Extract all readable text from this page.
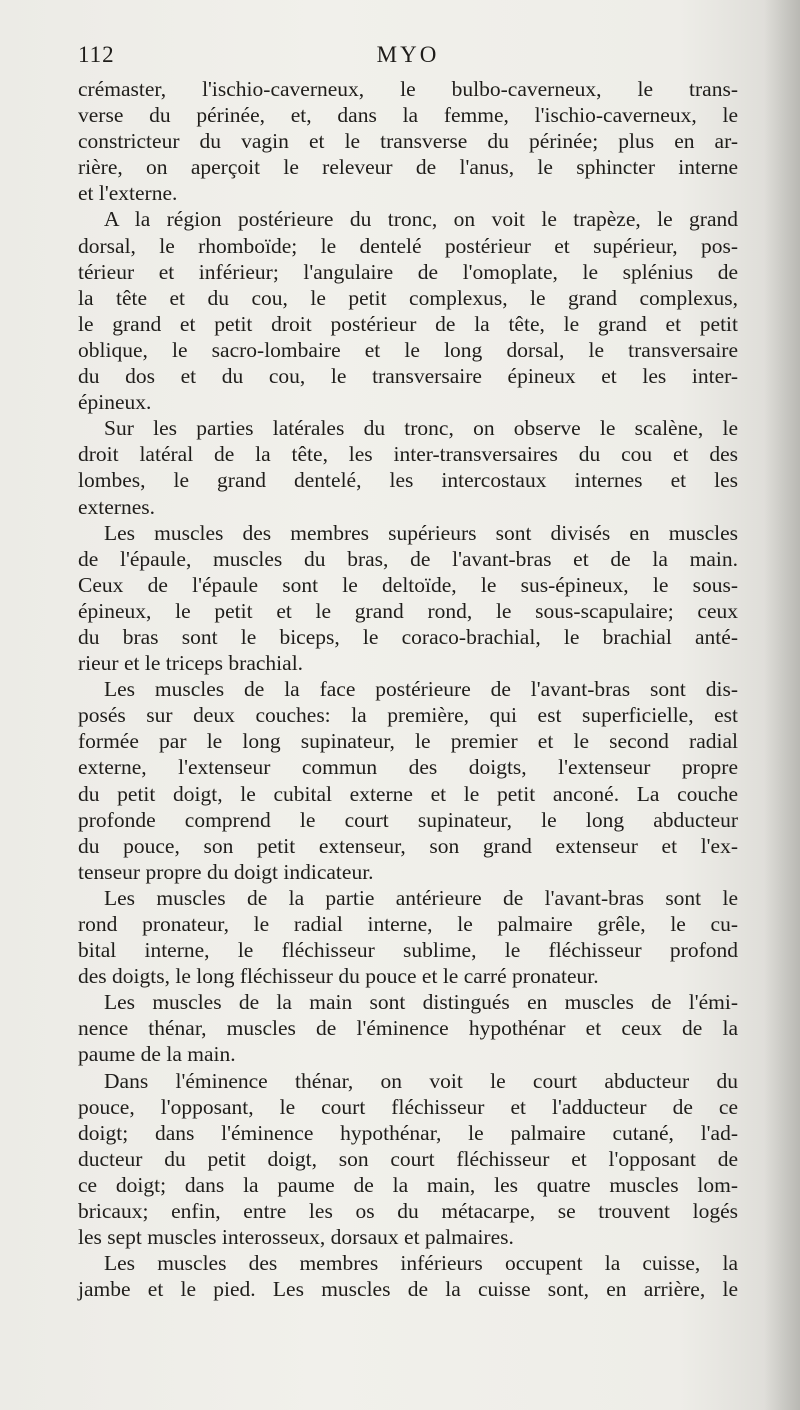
112	MYO

crémaster, l'ischio-caverneux, le bulbo-caverneux, le trans-
verse du périnée, et, dans la femme, l'ischio-caverneux, le
constricteur du vagin et le transverse du périnée; plus en ar-
rière, on aperçoit le releveur de l'anus, le sphincter interne
et l'externe.

A la région postérieure du tronc, on voit le trapèze, le grand
dorsal, le rhomboïde; le dentelé postérieur et supérieur, pos-
térieur et inférieur; l'angulaire de l'omoplate, le splénius de
la tête et du cou, le petit complexus, le grand complexus,
le grand et petit droit postérieur de la tête, le grand et petit
oblique, le sacro-lombaire et le long dorsal, le transversaire
du dos et du cou, le transversaire épineux et les inter-
épineux.

Sur les parties latérales du tronc, on observe le scalène, le
droit latéral de la tête, les inter-transversaires du cou et des
lombes, le grand dentelé, les intercostaux internes et les
externes.

Les muscles des membres supérieurs sont divisés en muscles
de l'épaule, muscles du bras, de l'avant-bras et de la main.
Ceux de l'épaule sont le deltoïde, le sus-épineux, le sous-
épineux, le petit et le grand rond, le sous-scapulaire; ceux
du bras sont le biceps, le coraco-brachial, le brachial anté-
rieur et le triceps brachial.

Les muscles de la face postérieure de l'avant-bras sont dis-
posés sur deux couches: la première, qui est superficielle, est
formée par le long supinateur, le premier et le second radial
externe, l'extenseur commun des doigts, l'extenseur propre
du petit doigt, le cubital externe et le petit anconé. La couche
profonde comprend le court supinateur, le long abducteur
du pouce, son petit extenseur, son grand extenseur et l'ex-
tenseur propre du doigt indicateur.

Les muscles de la partie antérieure de l'avant-bras sont le
rond pronateur, le radial interne, le palmaire grêle, le cu-
bital interne, le fléchisseur sublime, le fléchisseur profond
des doigts, le long fléchisseur du pouce et le carré pronateur.

Les muscles de la main sont distingués en muscles de l'émi-
nence thénar, muscles de l'éminence hypothénar et ceux de la
paume de la main.

Dans l'éminence thénar, on voit le court abducteur du
pouce, l'opposant, le court fléchisseur et l'adducteur de ce
doigt; dans l'éminence hypothénar, le palmaire cutané, l'ad-
ducteur du petit doigt, son court fléchisseur et l'opposant de
ce doigt; dans la paume de la main, les quatre muscles lom-
bricaux; enfin, entre les os du métacarpe, se trouvent logés
les sept muscles interosseux, dorsaux et palmaires.

Les muscles des membres inférieurs occupent la cuisse, la
jambe et le pied. Les muscles de la cuisse sont, en arrière, le
